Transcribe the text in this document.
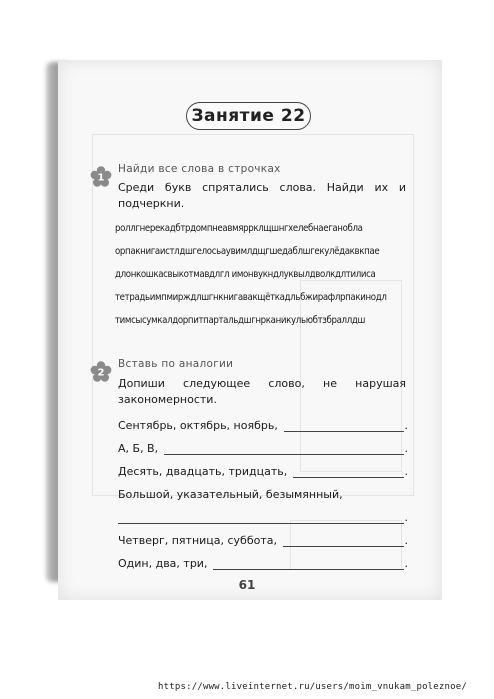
Занятие 22
1
Найди все слова в строчках
Среди букв спрятались слова. Найди их и подчеркни.
роллгнерекадбтрдомпнеавмяррклщшнгхелебнаеганобла
орпакнигаистлдшгелосьаувимлдщгшедаблшгекулёдаквкпае
длонкошкасвыкотмавдлгл имонвукндлуквылдволкдлтилиса
тетрадьимпмирждлшгнкнигавакщёткадльбжирафлрпакинодл
тимсысумкалдорпитпартальдшгнрканикульюбтзбраллдш
2
Вставь по аналогии
Допиши следующее слово, не нарушая закономерности.
Сентябрь, октябрь, ноябрь,	.
А, Б, В,	.
Десять, двадцать, тридцать,	.
Большой, указательный, безымянный,
.
Четверг, пятница, суббота,	.
Один, два, три,	.
61
https://www.liveinternet.ru/users/moim_vnukam_poleznoe/
